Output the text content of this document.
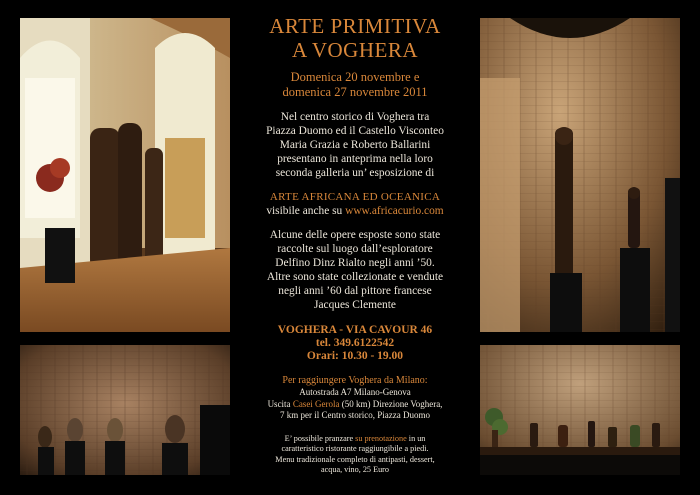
ARTE PRIMITIVA
A VOGHERA
Domenica 20 novembre e
domenica 27 novembre 2011
Nel centro storico di Voghera tra
Piazza Duomo ed il Castello Visconteo
Maria Grazia e Roberto Ballarini
presentano in anteprima nella loro
seconda galleria un’ esposizione di
ARTE AFRICANA ED OCEANICA
visibile anche su www.africacurio.com
Alcune delle opere esposte sono state
raccolte sul luogo dall’esploratore
Delfino Dinz Rialto negli anni ’50.
Altre sono state collezionate e vendute
negli anni ’60 dal pittore francese
Jacques Clemente
VOGHERA - VIA CAVOUR 46
tel. 349.6122542
Orari: 10.30 - 19.00
Per raggiungere Voghera da Milano:
Autostrada A7 Milano-Genova
Uscita Casei Gerola (50 km) Direzione Voghera,
7 km per il Centro storico, Piazza Duomo
E’ possibile pranzare su prenotazione in un
caratteristico ristorante raggiungibile a piedi.
Menu tradizionale completo di antipasti, dessert,
acqua, vino, 25 Euro
